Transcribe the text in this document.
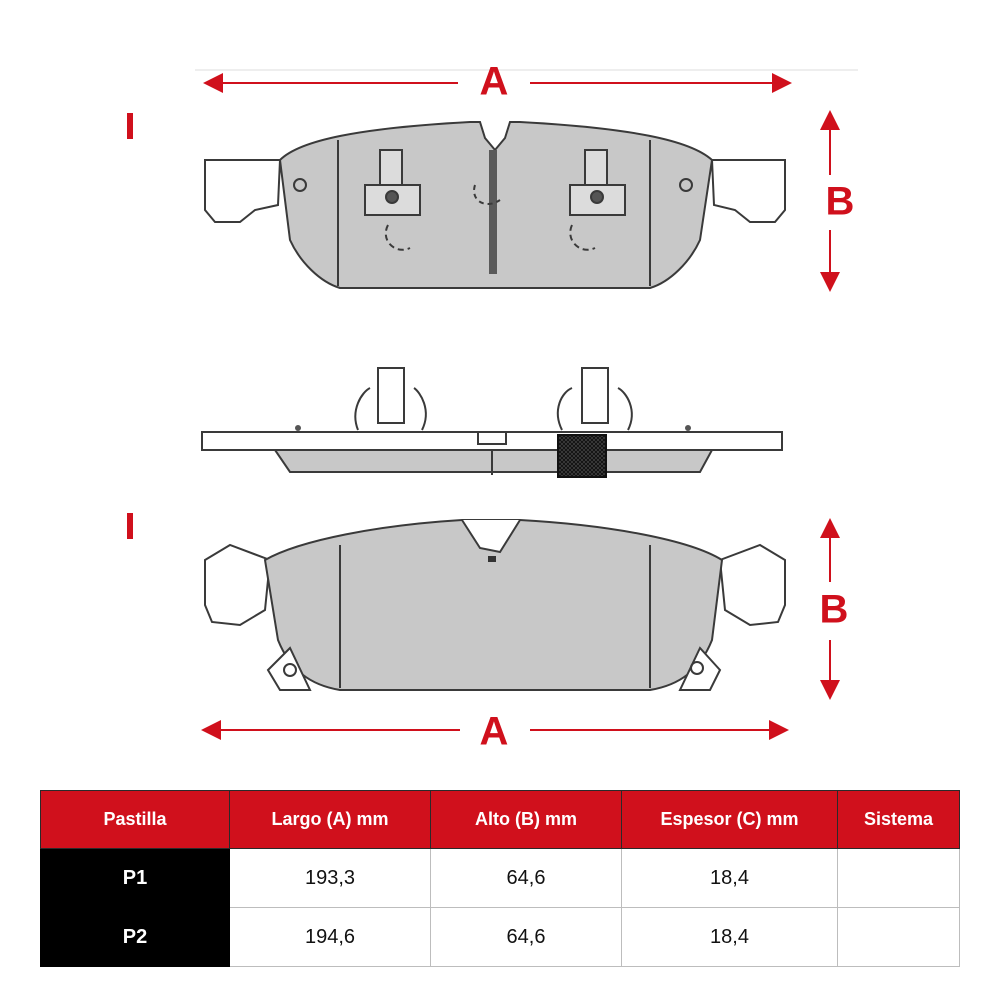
A
B
B
A
Pastilla	Largo (A) mm	Alto (B) mm	Espesor (C) mm	Sistema
P1	193,3	64,6	18,4	
P2	194,6	64,6	18,4	
